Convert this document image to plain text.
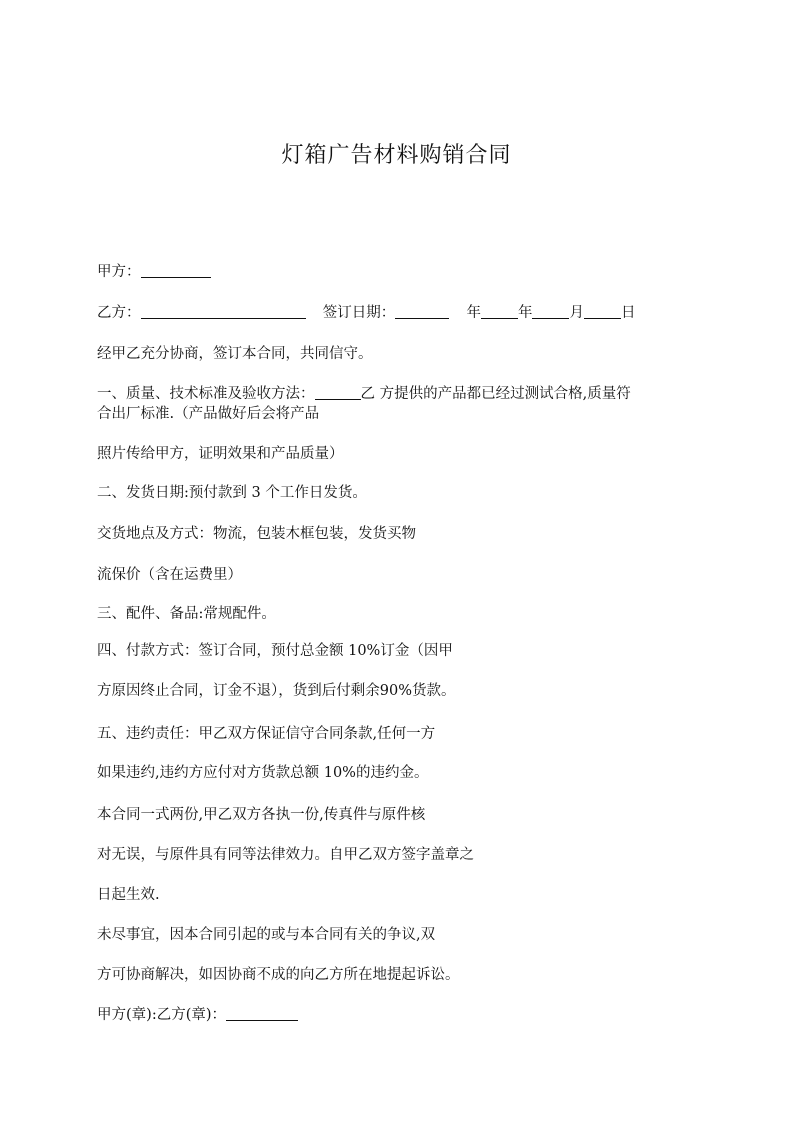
灯箱广告材料购销合同
甲方：
乙方：	签订日期：	年	年	月	日
经甲乙充分协商，签订本合同，共同信守。
一、质量、技术标准及验收方法：	乙 方提供的产品都已经过测试合格,质量符
合出厂标准.（产品做好后会将产品
照片传给甲方，证明效果和产品质量）
二、发货日期:预付款到 3 个工作日发货。
交货地点及方式：物流，包装木框包装，发货买物
流保价（含在运费里）
三、配件、备品:常规配件。
四、付款方式：签订合同，预付总金额 10%订金（因甲
方原因终止合同，订金不退），货到后付剩余90%货款。
五、违约责任：甲乙双方保证信守合同条款,任何一方
如果违约,违约方应付对方货款总额 10%的违约金。
本合同一式两份,甲乙双方各执一份,传真件与原件核
对无误，与原件具有同等法律效力。自甲乙双方签字盖章之
日起生效.
未尽事宜，因本合同引起的或与本合同有关的争议,双
方可协商解决，如因协商不成的向乙方所在地提起诉讼。
甲方(章):乙方(章)：
